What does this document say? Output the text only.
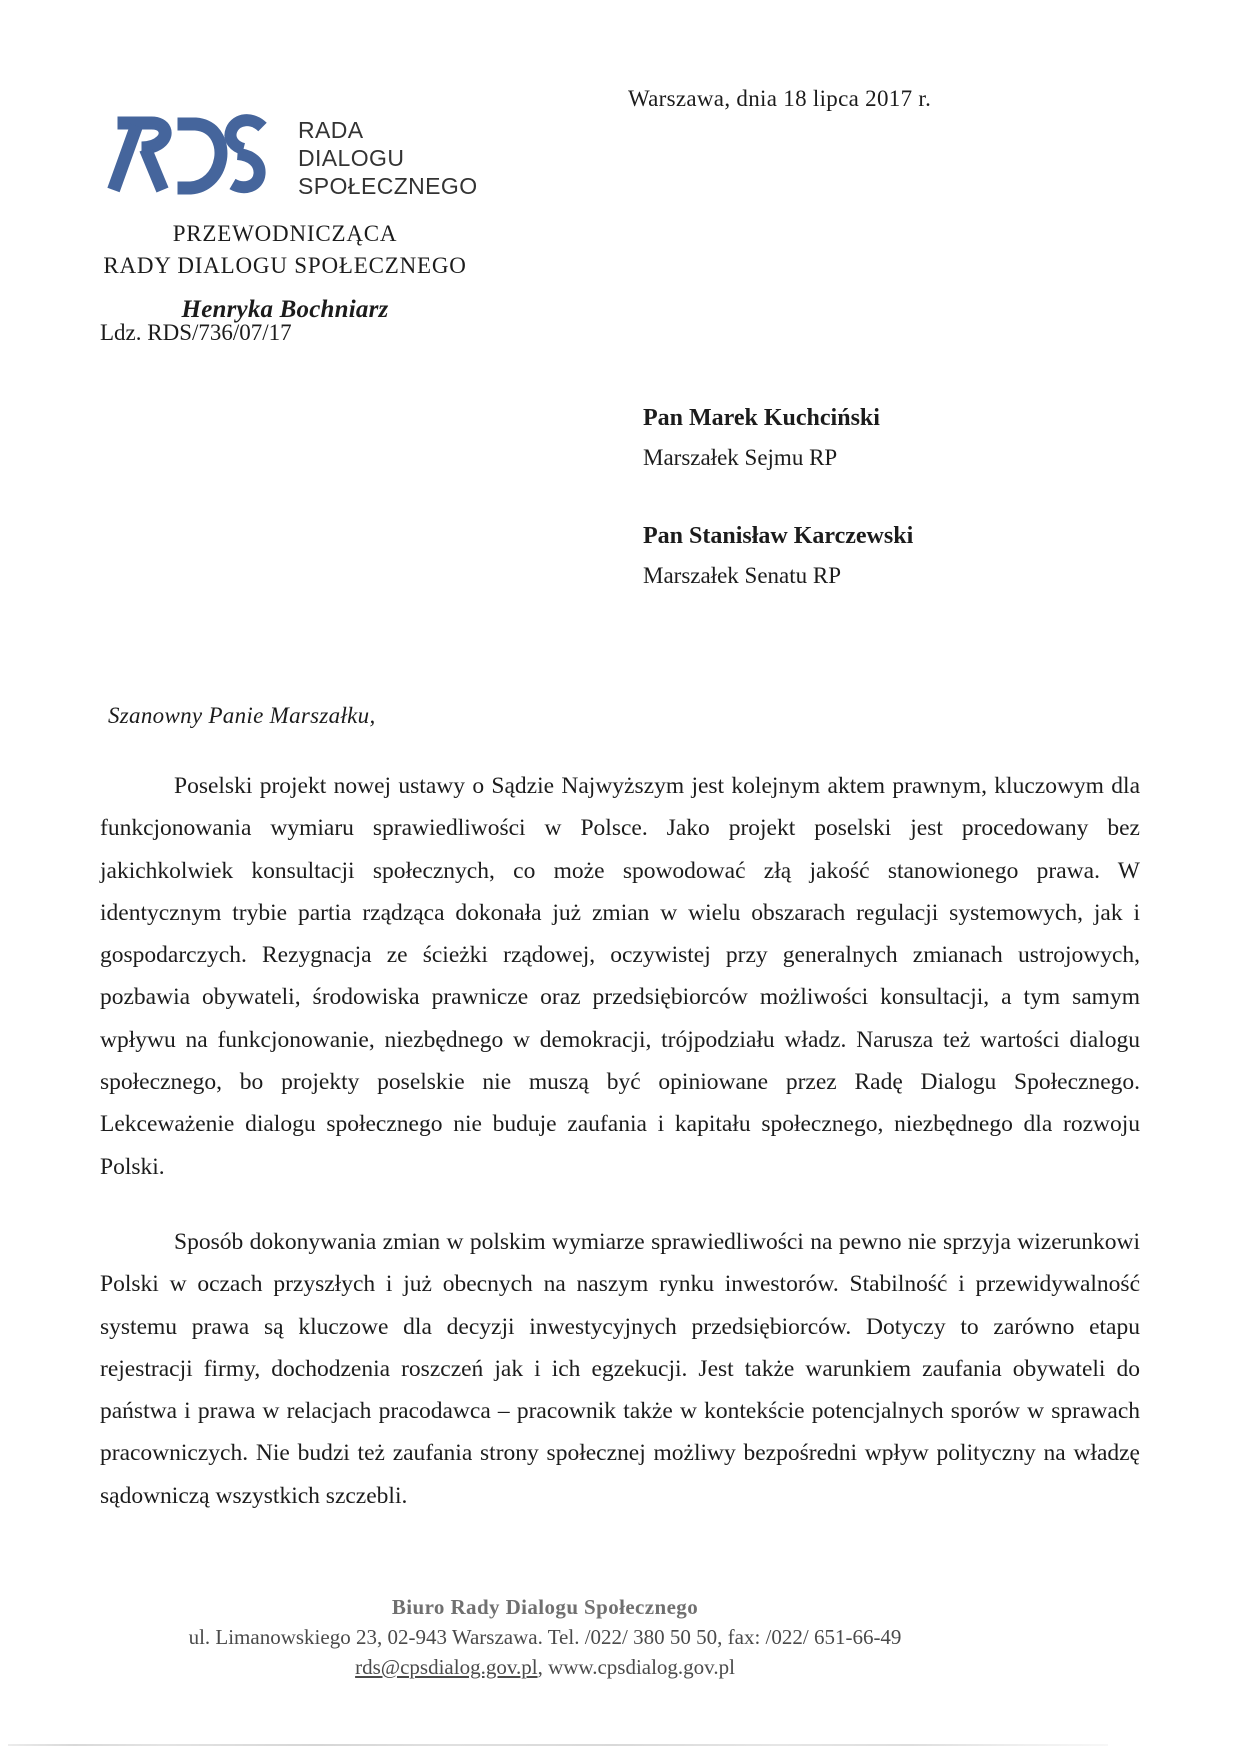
Warszawa, dnia 18 lipca 2017 r.
RADA
DIALOGU
SPOŁECZNEGO
PRZEWODNICZĄCA
RADY DIALOGU SPOŁECZNEGO
Henryka Bochniarz
Ldz. RDS/736/07/17
Pan Marek Kuchciński
Marszałek Sejmu RP
Pan Stanisław Karczewski
Marszałek Senatu RP
Szanowny Panie Marszałku,

Poselski projekt nowej ustawy o Sądzie Najwyższym jest kolejnym aktem prawnym, kluczowym dla funkcjonowania wymiaru sprawiedliwości w Polsce. Jako projekt poselski jest procedowany bez jakichkolwiek konsultacji społecznych, co może spowodować złą jakość stanowionego prawa. W identycznym trybie partia rządząca dokonała już zmian w wielu obszarach regulacji systemowych, jak i gospodarczych. Rezygnacja ze ścieżki rządowej, oczywistej przy generalnych zmianach ustrojowych, pozbawia obywateli, środowiska prawnicze oraz przedsiębiorców możliwości konsultacji, a tym samym wpływu na funkcjonowanie, niezbędnego w demokracji, trójpodziału władz. Narusza też wartości dialogu społecznego, bo projekty poselskie nie muszą być opiniowane przez Radę Dialogu Społecznego. Lekceważenie dialogu społecznego nie buduje zaufania i kapitału społecznego, niezbędnego dla rozwoju Polski.

Sposób dokonywania zmian w polskim wymiarze sprawiedliwości na pewno nie sprzyja wizerunkowi Polski w oczach przyszłych i już obecnych na naszym rynku inwestorów. Stabilność i przewidywalność systemu prawa są kluczowe dla decyzji inwestycyjnych przedsiębiorców. Dotyczy to zarówno etapu rejestracji firmy, dochodzenia roszczeń jak i ich egzekucji. Jest także warunkiem zaufania obywateli do państwa i prawa w relacjach pracodawca – pracownik także w kontekście potencjalnych sporów w sprawach pracowniczych. Nie budzi też zaufania strony społecznej możliwy bezpośredni wpływ polityczny na władzę sądowniczą wszystkich szczebli.

Biuro Rady Dialogu Społecznego
ul. Limanowskiego 23, 02-943 Warszawa. Tel. /022/ 380 50 50, fax: /022/ 651-66-49
rds@cpsdialog.gov.pl, www.cpsdialog.gov.pl
